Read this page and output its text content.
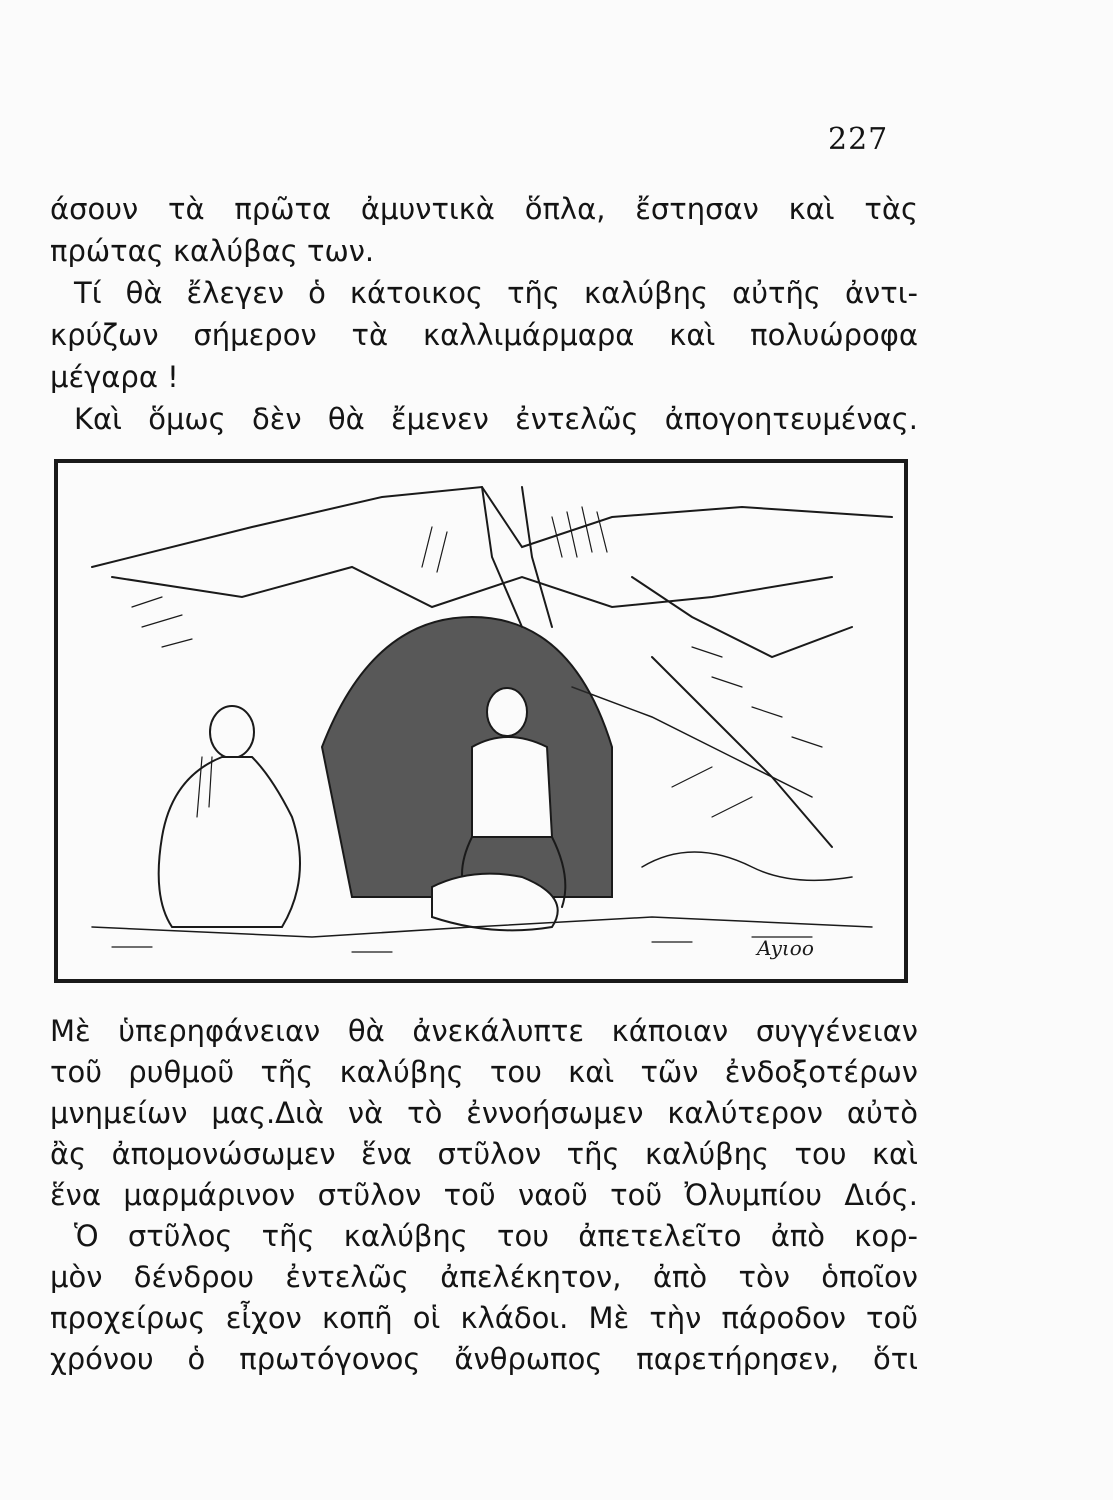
227
άσουν τὰ πρῶτα ἀμυντικὰ ὅπλα, ἔστησαν καὶ τὰς
πρώτας καλύβας των.
Τί θὰ ἔλεγεν ὁ κάτοικος τῆς καλύβης αὐτῆς ἀντι-
κρύζων σήμερον τὰ καλλιμάρμαρα καὶ πολυώροφα
μέγαρα !
Καὶ ὅμως δὲν θὰ ἔμενεν ἐντελῶς ἀπογοητευμένας.
Ayιoo
Μὲ ὑπερηφάνειαν θὰ ἀνεκάλυπτε κάποιαν συγγένειαν
τοῦ ρυθμοῦ τῆς καλύβης του καὶ τῶν ἐνδοξοτέρων
μνημείων μας.Διὰ νὰ τὸ ἐννοήσωμεν καλύτερον αὐτὸ
ἂς ἀπομονώσωμεν ἕνα στῦλον τῆς καλύβης του καὶ
ἕνα μαρμάρινον στῦλον τοῦ ναοῦ τοῦ Ὀλυμπίου Διός.
Ὁ στῦλος τῆς καλύβης του ἀπετελεῖτο ἀπὸ κορ-
μὸν δένδρου ἐντελῶς ἀπελέκητον, ἀπὸ τὸν ὁποῖον
προχείρως εἶχον κοπῆ οἱ κλάδοι. Μὲ τὴν πάροδον τοῦ
χρόνου ὁ πρωτόγονος ἄνθρωπος παρετήρησεν, ὅτι
